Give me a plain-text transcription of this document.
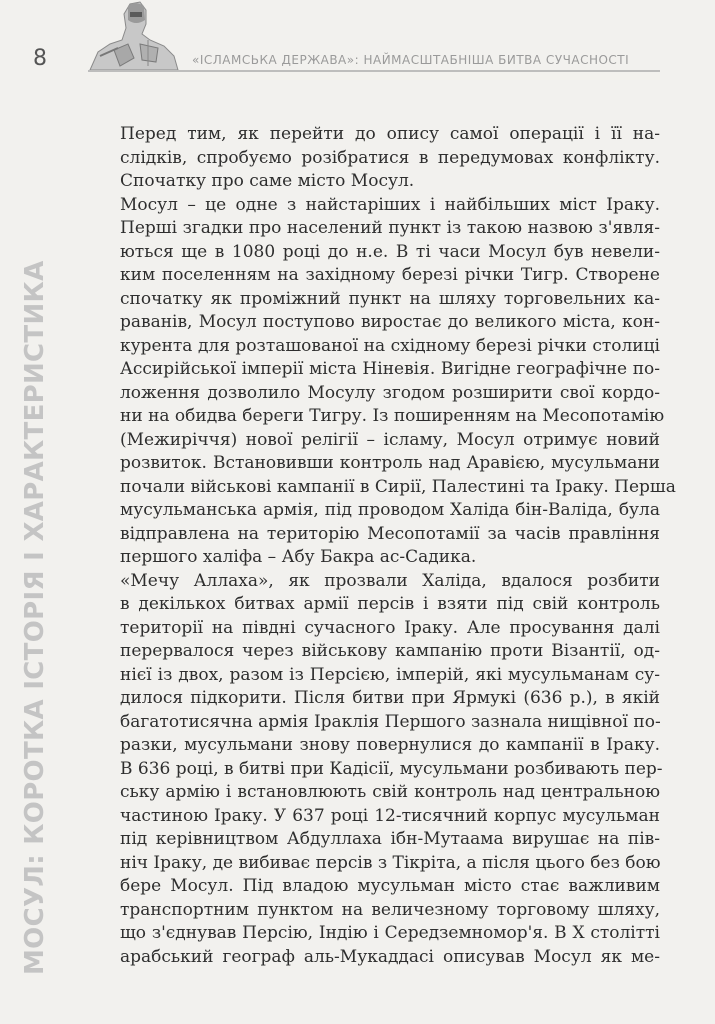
8	«ІСЛАМСЬКА ДЕРЖАВА»: НАЙМАСШТАБНІША БИТВА СУЧАСНОСТІ
МОСУЛ: КОРОТКА ІСТОРІЯ І ХАРАКТЕРИСТИКА
Перед тим, як перейти до опису самої операції і її на-
слідків, спробуємо розібратися в передумовах конфлікту.
Спочатку про саме місто Мосул.
Мосул – це одне з найстаріших і найбільших міст Іраку.
Перші згадки про населений пункт із такою назвою з'явля-
ються ще в 1080 році до н.е. В ті часи Мосул був невели-
ким поселенням на західному березі річки Тигр. Створене
спочатку як проміжний пункт на шляху торговельних ка-
раванів, Мосул поступово виростає до великого міста, кон-
курента для розташованої на східному березі річки столиці
Ассирійської імперії міста Ніневія. Вигідне географічне по-
ложення дозволило Мосулу згодом розширити свої кордо-
ни на обидва береги Тигру. Із поширенням на Месопотамію
(Межиріччя) нової релігії – ісламу, Мосул отримує новий
розвиток. Встановивши контроль над Аравією, мусульмани
почали військові кампанії в Сирії, Палестині та Іраку. Перша
мусульманська армія, під проводом Халіда бін-Валіда, була
відправлена на територію Месопотамії за часів правління
першого халіфа – Абу Бакра ас-Садика.
«Мечу Аллаха», як прозвали Халіда, вдалося розбити
в декількох битвах армії персів і взяти під свій контроль
території на півдні сучасного Іраку. Але просування далі
перервалося через військову кампанію проти Візантії, од-
нієї із двох, разом із Персією, імперій, які мусульманам су-
дилося підкорити. Після битви при Ярмукі (636 р.), в якій
багатотисячна армія Іраклія Першого зазнала нищівної по-
разки, мусульмани знову повернулися до кампанії в Іраку.
В 636 році, в битві при Кадісії, мусульмани розбивають пер-
ську армію і встановлюють свій контроль над центральною
частиною Іраку. У 637 році 12-тисячний корпус мусульман
під керівництвом Абдуллаха ібн-Мутаама вирушає на пів-
ніч Іраку, де вибиває персів з Тікріта, а після цього без бою
бере Мосул. Під владою мусульман місто стає важливим
транспортним пунктом на величезному торговому шляху,
що з'єднував Персію, Індію і Середземномор'я. В Х столітті
арабський географ аль-Мукаддасі описував Мосул як ме-
